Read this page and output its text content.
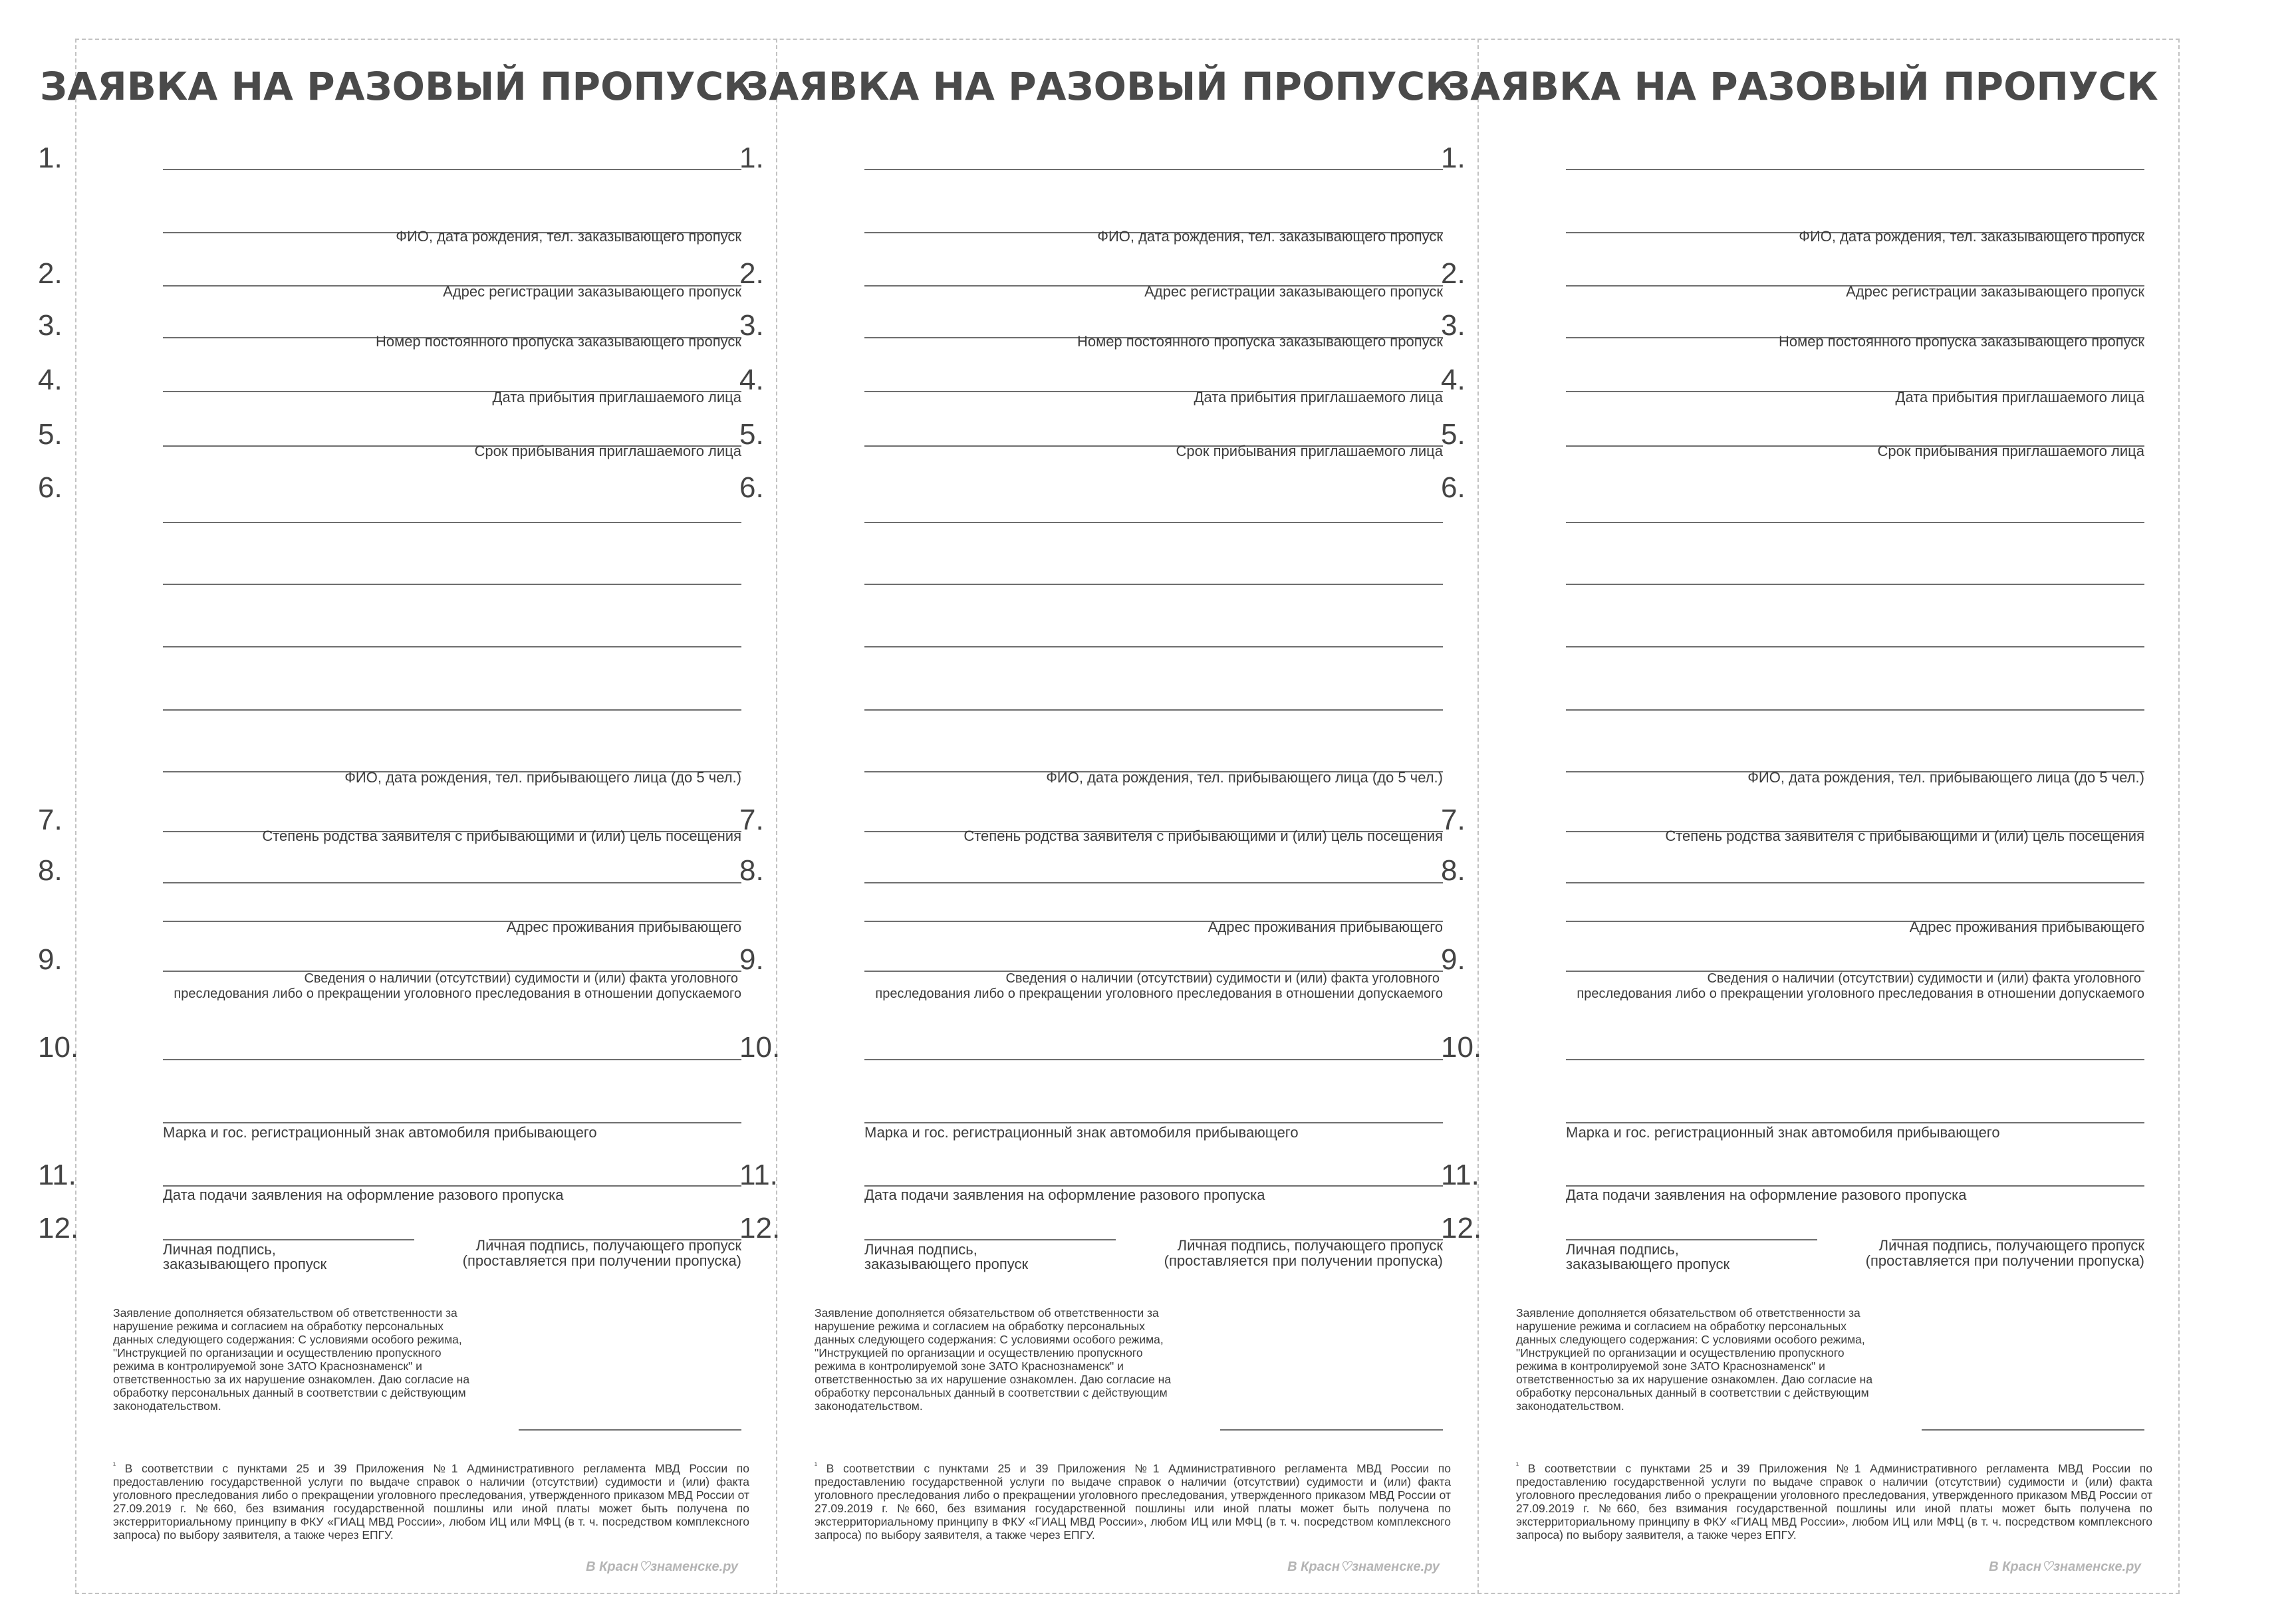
ЗАЯВКА НА РАЗОВЫЙ ПРОПУСК
1.
ФИО, дата рождения, тел. заказывающего пропуск
2.
Адрес регистрации заказывающего пропуск
3.	Номер постоянного пропуска заказывающего пропуск
4.
Дата прибытия приглашаемого лица
5.
Срок прибывания приглашаемого лица
6.
ФИО, дата рождения, тел. прибывающего лица (до 5 чел.)
7.	Степень родства заявителя с прибывающими и (или) цель посещения
8.
Адрес проживания прибывающего
9.
Сведения о наличии (отсутствии) судимости и (или) факта уголовного
преследования либо о прекращении уголовного преследования в отношении допускаемого
10.
Марка и гос. регистрационный знак автомобиля прибывающего
11.
Дата подачи заявления на оформление разового пропуска
12.
Личная подпись,
заказывающего пропуск
Личная подпись, получающего пропуск
(проставляется при получении пропуска)
Заявление дополняется обязательством об ответственности за нарушение режима и согласием на обработку персональных данных следующего содержания: С условиями особого режима, "Инструкцией по организации и осуществлению пропускного режима в контролируемой зоне ЗАТО Краснознаменск" и ответственностью за их нарушение ознакомлен. Даю согласие на обработку персональных данный в соответствии с действующим законодательством.
$^{^1}$ В соответствии с пунктами 25 и 39 Приложения №1 Административного регламента МВД России по предоставлению государственной услуги по выдаче справок о наличии (отсутствии) судимости и (или) факта уголовного преследования либо о прекращении уголовного преследования, утвержденного приказом МВД России от 27.09.2019 г. №660, без взимания государственной пошлины или иной платы может быть получена по экстерриториальному принципу в ФКУ «ГИАЦ МВД России», любом ИЦ или МФЦ (в т. ч. посредством комплексного запроса) по выбору заявителя, а также через ЕПГУ.
В Красн♡знаменске.ру
ЗАЯВКА НА РАЗОВЫЙ ПРОПУСК
1.
ФИО, дата рождения, тел. заказывающего пропуск
2.
Адрес регистрации заказывающего пропуск
3.	Номер постоянного пропуска заказывающего пропуск
4.
Дата прибытия приглашаемого лица
5.
Срок прибывания приглашаемого лица
6.
ФИО, дата рождения, тел. прибывающего лица (до 5 чел.)
7.	Степень родства заявителя с прибывающими и (или) цель посещения
8.
Адрес проживания прибывающего
9.
Сведения о наличии (отсутствии) судимости и (или) факта уголовного
преследования либо о прекращении уголовного преследования в отношении допускаемого
10.
Марка и гос. регистрационный знак автомобиля прибывающего
11.
Дата подачи заявления на оформление разового пропуска
12.
Личная подпись,
заказывающего пропуск
Личная подпись, получающего пропуск
(проставляется при получении пропуска)
Заявление дополняется обязательством об ответственности за нарушение режима и согласием на обработку персональных данных следующего содержания: С условиями особого режима, "Инструкцией по организации и осуществлению пропускного режима в контролируемой зоне ЗАТО Краснознаменск" и ответственностью за их нарушение ознакомлен. Даю согласие на обработку персональных данный в соответствии с действующим законодательством.
$^{^1}$ В соответствии с пунктами 25 и 39 Приложения №1 Административного регламента МВД России по предоставлению государственной услуги по выдаче справок о наличии (отсутствии) судимости и (или) факта уголовного преследования либо о прекращении уголовного преследования, утвержденного приказом МВД России от 27.09.2019 г. №660, без взимания государственной пошлины или иной платы может быть получена по экстерриториальному принципу в ФКУ «ГИАЦ МВД России», любом ИЦ или МФЦ (в т. ч. посредством комплексного запроса) по выбору заявителя, а также через ЕПГУ.
В Красн♡знаменске.ру
ЗАЯВКА НА РАЗОВЫЙ ПРОПУСК
1.
ФИО, дата рождения, тел. заказывающего пропуск
2.
Адрес регистрации заказывающего пропуск
3.	Номер постоянного пропуска заказывающего пропуск
4.
Дата прибытия приглашаемого лица
5.
Срок прибывания приглашаемого лица
6.
ФИО, дата рождения, тел. прибывающего лица (до 5 чел.)
7.	Степень родства заявителя с прибывающими и (или) цель посещения
8.
Адрес проживания прибывающего
9.
Сведения о наличии (отсутствии) судимости и (или) факта уголовного
преследования либо о прекращении уголовного преследования в отношении допускаемого
10.
Марка и гос. регистрационный знак автомобиля прибывающего
11.
Дата подачи заявления на оформление разового пропуска
12.
Личная подпись,
заказывающего пропуск
Личная подпись, получающего пропуск
(проставляется при получении пропуска)
Заявление дополняется обязательством об ответственности за нарушение режима и согласием на обработку персональных данных следующего содержания: С условиями особого режима, "Инструкцией по организации и осуществлению пропускного режима в контролируемой зоне ЗАТО Краснознаменск" и ответственностью за их нарушение ознакомлен. Даю согласие на обработку персональных данный в соответствии с действующим законодательством.
$^{^1}$ В соответствии с пунктами 25 и 39 Приложения №1 Административного регламента МВД России по предоставлению государственной услуги по выдаче справок о наличии (отсутствии) судимости и (или) факта уголовного преследования либо о прекращении уголовного преследования, утвержденного приказом МВД России от 27.09.2019 г. №660, без взимания государственной пошлины или иной платы может быть получена по экстерриториальному принципу в ФКУ «ГИАЦ МВД России», любом ИЦ или МФЦ (в т. ч. посредством комплексного запроса) по выбору заявителя, а также через ЕПГУ.
В Красн♡знаменске.ру
